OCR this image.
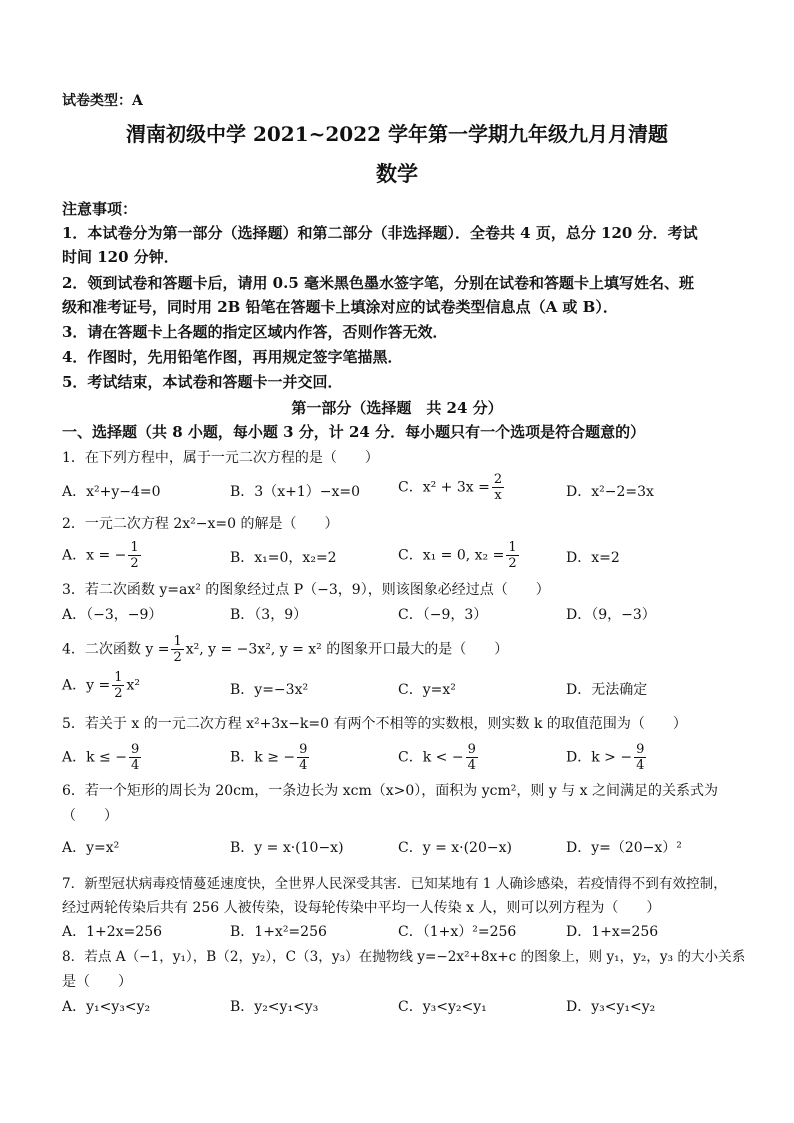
试卷类型：A
渭南初级中学 2021~2022 学年第一学期九年级九月月清题
数学
注意事项：
1．本试卷分为第一部分（选择题）和第二部分（非选择题）．全卷共 4 页，总分 120 分．考试
时间 120 分钟．
2．领到试卷和答题卡后，请用 0.5 毫米黑色墨水签字笔，分别在试卷和答题卡上填写姓名、班
级和准考证号，同时用 2B 铅笔在答题卡上填涂对应的试卷类型信息点（A 或 B）．
3．请在答题卡上各题的指定区域内作答，否则作答无效．
4．作图时，先用铅笔作图，再用规定签字笔描黑．
5．考试结束，本试卷和答题卡一并交回．
第一部分（选择题　共 24 分）
一、选择题（共 8 小题，每小题 3 分，计 24 分．每小题只有一个选项是符合题意的）
1．在下列方程中，属于一元二次方程的是（　　）
A．x²+y−4=0	B．3（x+1）−x=0	C．$x^2 + 3x = \frac{2}{x}$	D．x²−2=3x
2．一元二次方程 2x²−x=0 的解是（　　）
A．x = − $\frac{1}{2}$	B．x₁=0，x₂=2	C．x₁ = 0, $x_2 = \frac{1}{2}$	D．x=2
3．若二次函数 y=ax² 的图象经过点 P（−3，9），则该图象必经过点（　　）
A．（−3，−9）	B．（3，9）	C．（−9，3）	D．（9，−3）
4．二次函数 $y = \frac{1}{2} x^2$, y = −3x², y = x² 的图象开口最大的是（　　）
A．$y = \frac{1}{2} x^2$	B．y=−3x²	C．y=x²	D．无法确定
5．若关于 x 的一元二次方程 x²+3x−k=0 有两个不相等的实数根，则实数 k 的取值范围为（　　）
A．k ≤ − $\frac{9}{4}$	B．k ≥ − $\frac{9}{4}$	C．k < − $\frac{9}{4}$	D．k > − $\frac{9}{4}$
6．若一个矩形的周长为 20cm，一条边长为 xcm（x>0），面积为 ycm²，则 y 与 x 之间满足的关系式为
（　　）
A．y=x²	B．y = x·(10−x)	C．y = x·(20−x)	D．y=（20−x）²
7．新型冠状病毒疫情蔓延速度快，全世界人民深受其害．已知某地有 1 人确诊感染，若疫情得不到有效控制，
经过两轮传染后共有 256 人被传染，设每轮传染中平均一人传染 x 人，则可以列方程为（　　）
A．1+2x=256	B．1+x²=256	C．（1+x）²=256	D．1+x=256
8．若点 A（−1，y₁），B（2，y₂），C（3，y₃）在抛物线 y=−2x²+8x+c 的图象上，则 y₁，y₂，y₃ 的大小关系
是（　　）
A．y₁<y₃<y₂	B．y₂<y₁<y₃	C．y₃<y₂<y₁	D．y₃<y₁<y₂
